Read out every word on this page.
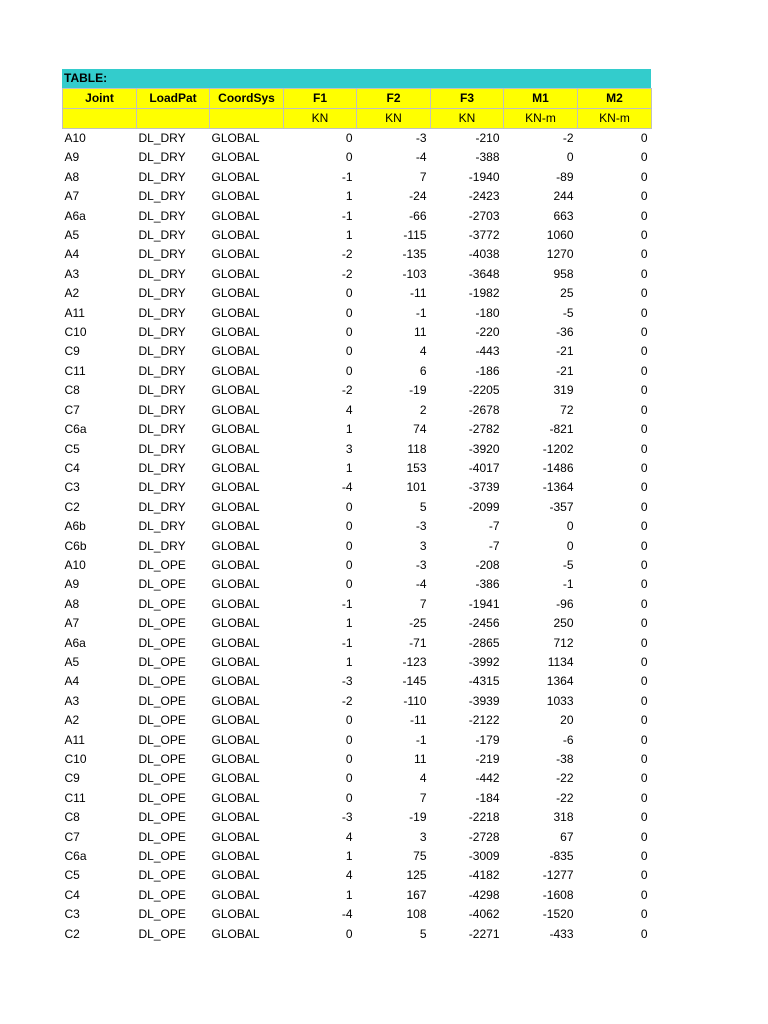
TABLE:
Joint	LoadPat	CoordSys	F1	F2	F3	M1	M2
			KN	KN	KN	KN-m	KN-m
A10	DL_DRY	GLOBAL	0	-3	-210	-2	0
A9	DL_DRY	GLOBAL	0	-4	-388	0	0
A8	DL_DRY	GLOBAL	-1	7	-1940	-89	0
A7	DL_DRY	GLOBAL	1	-24	-2423	244	0
A6a	DL_DRY	GLOBAL	-1	-66	-2703	663	0
A5	DL_DRY	GLOBAL	1	-115	-3772	1060	0
A4	DL_DRY	GLOBAL	-2	-135	-4038	1270	0
A3	DL_DRY	GLOBAL	-2	-103	-3648	958	0
A2	DL_DRY	GLOBAL	0	-11	-1982	25	0
A11	DL_DRY	GLOBAL	0	-1	-180	-5	0
C10	DL_DRY	GLOBAL	0	11	-220	-36	0
C9	DL_DRY	GLOBAL	0	4	-443	-21	0
C11	DL_DRY	GLOBAL	0	6	-186	-21	0
C8	DL_DRY	GLOBAL	-2	-19	-2205	319	0
C7	DL_DRY	GLOBAL	4	2	-2678	72	0
C6a	DL_DRY	GLOBAL	1	74	-2782	-821	0
C5	DL_DRY	GLOBAL	3	118	-3920	-1202	0
C4	DL_DRY	GLOBAL	1	153	-4017	-1486	0
C3	DL_DRY	GLOBAL	-4	101	-3739	-1364	0
C2	DL_DRY	GLOBAL	0	5	-2099	-357	0
A6b	DL_DRY	GLOBAL	0	-3	-7	0	0
C6b	DL_DRY	GLOBAL	0	3	-7	0	0
A10	DL_OPE	GLOBAL	0	-3	-208	-5	0
A9	DL_OPE	GLOBAL	0	-4	-386	-1	0
A8	DL_OPE	GLOBAL	-1	7	-1941	-96	0
A7	DL_OPE	GLOBAL	1	-25	-2456	250	0
A6a	DL_OPE	GLOBAL	-1	-71	-2865	712	0
A5	DL_OPE	GLOBAL	1	-123	-3992	1134	0
A4	DL_OPE	GLOBAL	-3	-145	-4315	1364	0
A3	DL_OPE	GLOBAL	-2	-110	-3939	1033	0
A2	DL_OPE	GLOBAL	0	-11	-2122	20	0
A11	DL_OPE	GLOBAL	0	-1	-179	-6	0
C10	DL_OPE	GLOBAL	0	11	-219	-38	0
C9	DL_OPE	GLOBAL	0	4	-442	-22	0
C11	DL_OPE	GLOBAL	0	7	-184	-22	0
C8	DL_OPE	GLOBAL	-3	-19	-2218	318	0
C7	DL_OPE	GLOBAL	4	3	-2728	67	0
C6a	DL_OPE	GLOBAL	1	75	-3009	-835	0
C5	DL_OPE	GLOBAL	4	125	-4182	-1277	0
C4	DL_OPE	GLOBAL	1	167	-4298	-1608	0
C3	DL_OPE	GLOBAL	-4	108	-4062	-1520	0
C2	DL_OPE	GLOBAL	0	5	-2271	-433	0
